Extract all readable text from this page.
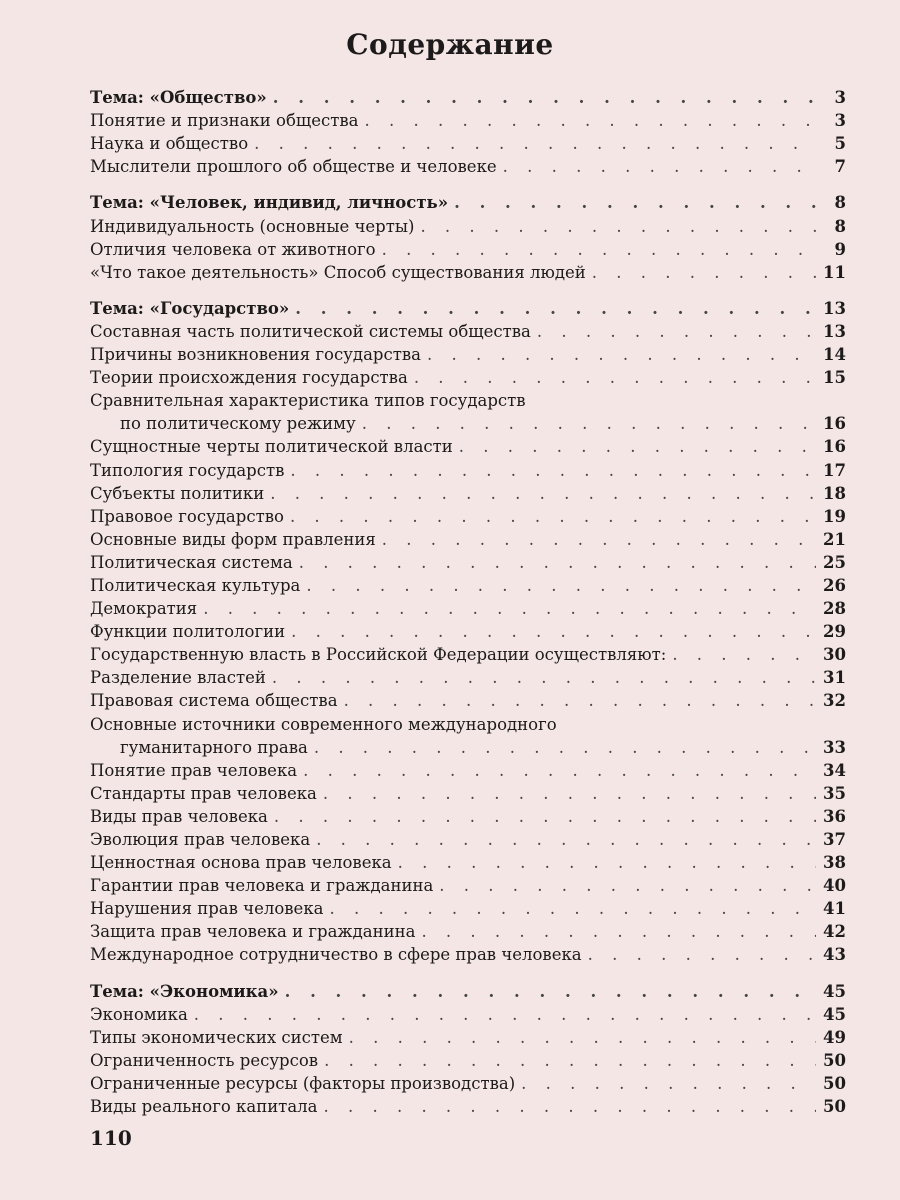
Содержание
Тема: «Общество» . . .	3
Понятие и признаки общества . . .	3
Наука и общество . . .	5
Мыслители прошлого об обществе и человеке . . .	7
Тема: «Человек, индивид, личность» . . .	8
Индивидуальность (основные черты) . . .	8
Отличия человека от животного . . .	9
«Что такое деятельность» Способ существования людей . . .	11
Тема: «Государство» . . .	13
Составная часть политической системы общества . . .	13
Причины возникновения государства . . .	14
Теории происхождения государства . . .	15
Сравнительная характеристика типов государств
по политическому режиму . . .	16
Сущностные черты политической власти . . .	16
Типология государств . . .	17
Субъекты политики . . .	18
Правовое государство . . .	19
Основные виды форм правления . . .	21
Политическая система . . .	25
Политическая культура . . .	26
Демократия . . .	28
Функции политологии . . .	29
Государственную власть в Российской Федерации осуществляют: . . .	30
Разделение властей . . .	31
Правовая система общества . . .	32
Основные источники современного международного
гуманитарного права . . .	33
Понятие прав человека . . .	34
Стандарты прав человека . . .	35
Виды прав человека . . .	36
Эволюция прав человека . . .	37
Ценностная основа прав человека . . .	38
Гарантии прав человека и гражданина . . .	40
Нарушения прав человека . . .	41
Защита прав человека и гражданина . . .	42
Международное сотрудничество в сфере прав человека . . .	43
Тема: «Экономика» . . .	45
Экономика . . .	45
Типы экономических систем . . .	49
Ограниченность ресурсов . . .	50
Ограниченные ресурсы (факторы производства) . . .	50
Виды реального капитала . . .	50
110
